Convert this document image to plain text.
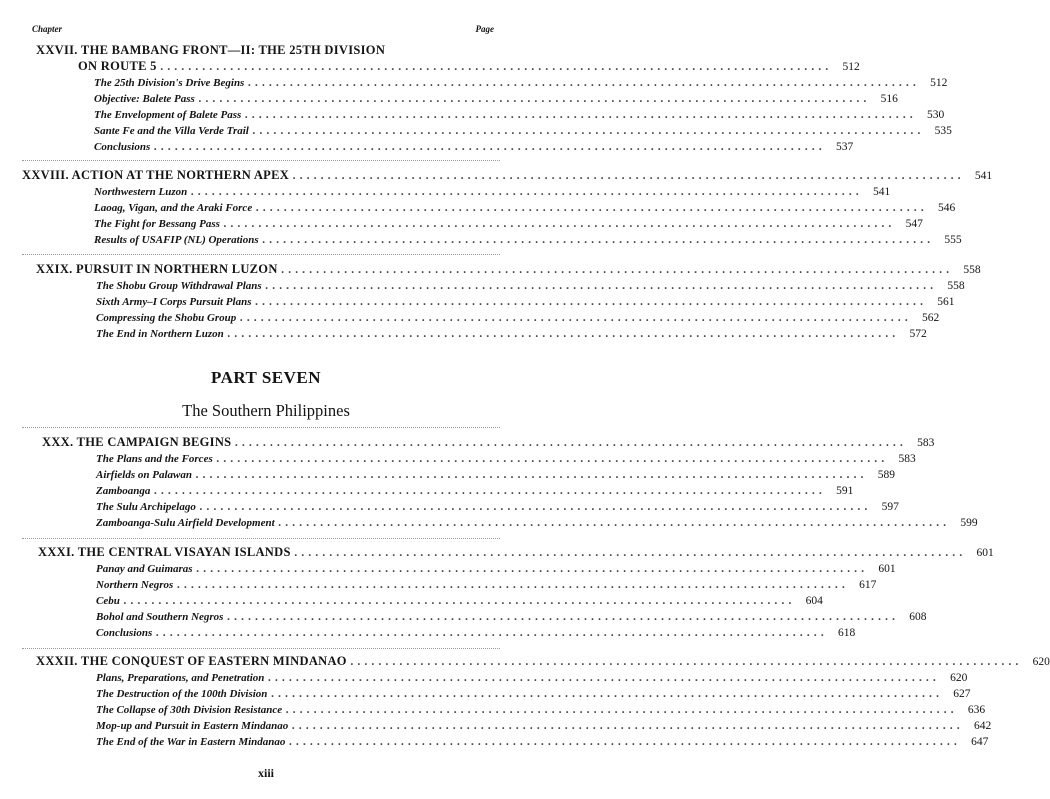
Chapter	Page
XXVII. THE BAMBANG FRONT—II: THE 25TH DIVISION
ON ROUTE 5 ................................................................................................ 512
The 25th Division's Drive Begins ................................................................................................ 512
Objective: Balete Pass ................................................................................................ 516
The Envelopment of Balete Pass ................................................................................................ 530
Sante Fe and the Villa Verde Trail ................................................................................................ 535
Conclusions ................................................................................................ 537
XXVIII. ACTION AT THE NORTHERN APEX ................................................................................................ 541
Northwestern Luzon ................................................................................................ 541
Laoag, Vigan, and the Araki Force ................................................................................................ 546
The Fight for Bessang Pass ................................................................................................ 547
Results of USAFIP (NL) Operations ................................................................................................ 555
XXIX. PURSUIT IN NORTHERN LUZON ................................................................................................ 558
The Shobu Group Withdrawal Plans ................................................................................................ 558
Sixth Army–I Corps Pursuit Plans ................................................................................................ 561
Compressing the Shobu Group ................................................................................................ 562
The End in Northern Luzon ................................................................................................ 572
PART SEVEN
The Southern Philippines
XXX. THE CAMPAIGN BEGINS ................................................................................................ 583
The Plans and the Forces ................................................................................................ 583
Airfields on Palawan ................................................................................................ 589
Zamboanga ................................................................................................ 591
The Sulu Archipelago ................................................................................................ 597
Zamboanga-Sulu Airfield Development ................................................................................................ 599
XXXI. THE CENTRAL VISAYAN ISLANDS ................................................................................................ 601
Panay and Guimaras ................................................................................................ 601
Northern Negros ................................................................................................ 617
Cebu ................................................................................................ 604
Bohol and Southern Negros ................................................................................................ 608
Conclusions ................................................................................................ 618
XXXII. THE CONQUEST OF EASTERN MINDANAO ................................................................................................ 620
Plans, Preparations, and Penetration ................................................................................................ 620
The Destruction of the 100th Division ................................................................................................ 627
The Collapse of 30th Division Resistance ................................................................................................ 636
Mop-up and Pursuit in Eastern Mindanao ................................................................................................ 642
The End of the War in Eastern Mindanao ................................................................................................ 647
xiii
